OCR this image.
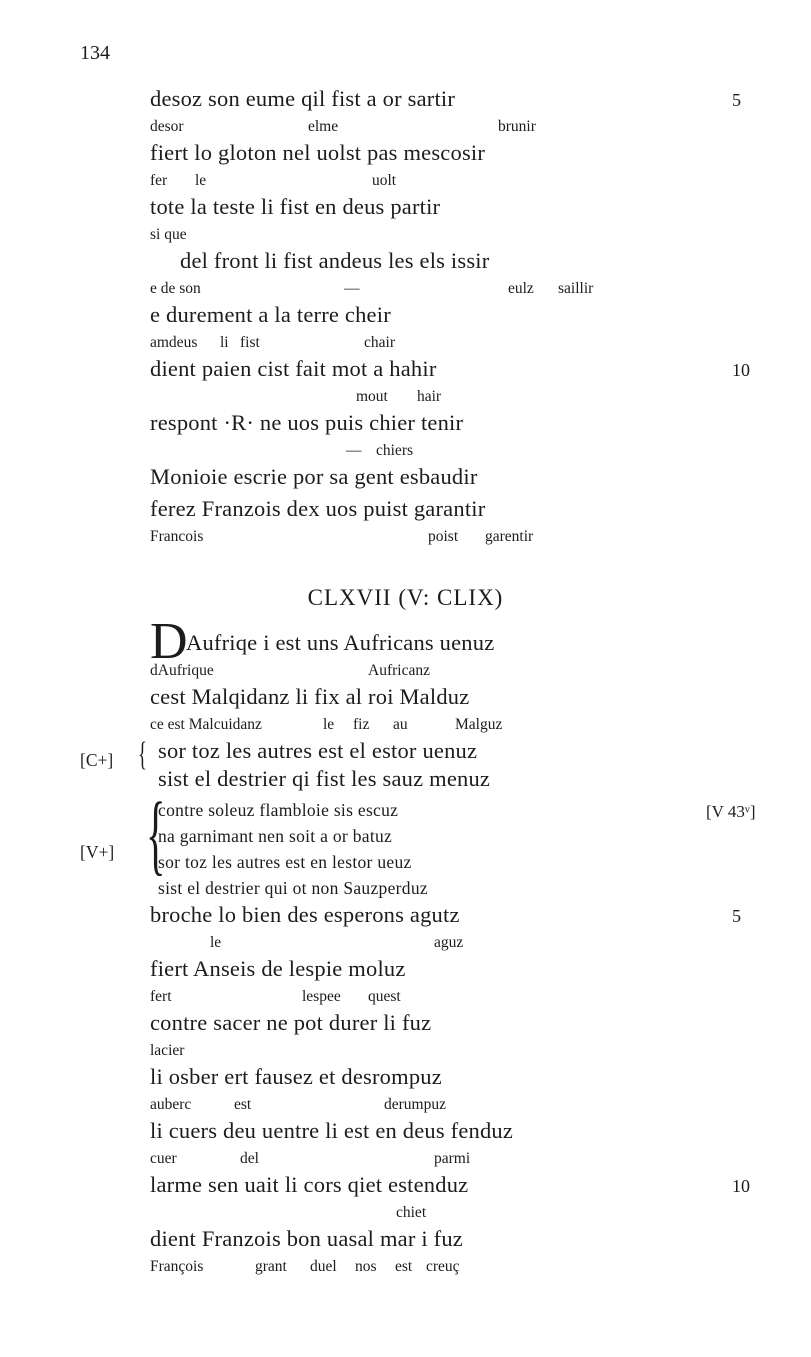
134
desoz son eume qil fist a or sartir	5
desor	elme	brunir
fiert lo gloton nel uolst pas mescosir
fer le	uolt
tote la teste li fist en deus partir
si que
del front li fist andeus les els issir
e de son	—	eulz saillir
e durement a la terre cheir
amdeus li fist	chair
dient paien cist fait mot a hahir	10
mout hair
respont ·R· ne uos puis chier tenir
— chiers
Monioie escrie por sa gent esbaudir
ferez Franzois dex uos puist garantir
Francois	poist garentir
CLXVII (V: CLIX)
D
Aufriqe i est uns Aufricans uenuz
dAufrique	Aufricanz
cest Malqidanz li fix al roi Malduz
ce est Malcuidanz	le fiz au	Malguz
[C+] { sor toz les autres est el estor uenuz
sist el destrier qi fist les sauz menuz
[V+] {
contre soleuz flambloie sis escuz	[V 43ᵛ]
na garnimant nen soit a or batuz
sor toz les autres est en lestor ueuz
sist el destrier qui ot non Sauzperduz
broche lo bien des esperons agutz	5
le	aguz
fiert Anseis de lespie moluz
fert	lespee quest
contre sacer ne pot durer li fuz
lacier
li osber ert fausez et desrompuz
auberc	est	derumpuz
li cuers deu uentre li est en deus fenduz
cuer	del	parmi
larme sen uait li cors qiet estenduz	10
chiet
dient Franzois bon uasal mar i fuz
François	grant duel nos est creuç
